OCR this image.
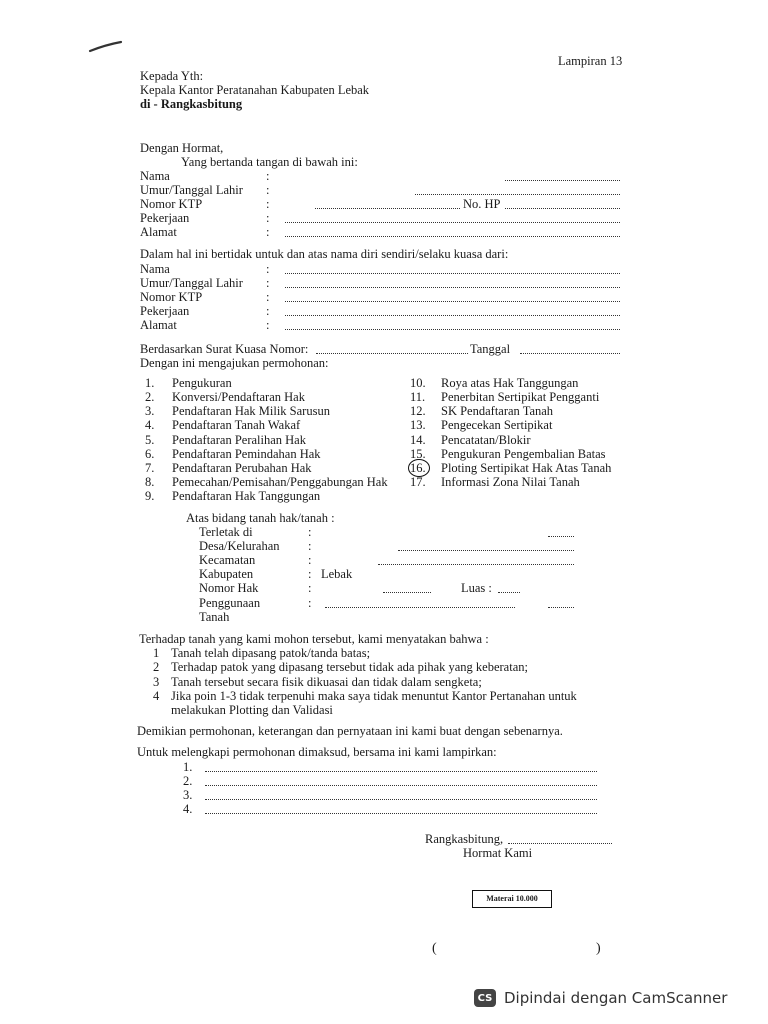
Lampiran 13
Kepada Yth:
Kepala Kantor Peratanahan Kabupaten Lebak
di - Rangkasbitung
Dengan Hormat,
Yang bertanda tangan di bawah ini:
Nama
Umur/Tanggal Lahir
Nomor KTP
Pekerjaan
Alamat
:
:
:
:
:
No. HP
Dalam hal ini bertidak untuk dan atas nama diri sendiri/selaku kuasa dari:
Nama
Umur/Tanggal Lahir
Nomor KTP
Pekerjaan
Alamat
:
:
:
:
:
Berdasarkan Surat Kuasa Nomor:	Tanggal
Dengan ini mengajukan permohonan:
1. Pengukuran
2. Konversi/Pendaftaran Hak
3. Pendaftaran Hak Milik Sarusun
4. Pendaftaran Tanah Wakaf
5. Pendaftaran Peralihan Hak
6. Pendaftaran Pemindahan Hak
7. Pendaftaran Perubahan Hak
8. Pemecahan/Pemisahan/Penggabungan Hak
9. Pendaftaran Hak Tanggungan
10. Roya atas Hak Tanggungan
11. Penerbitan Sertipikat Pengganti
12. SK Pendaftaran Tanah
13. Pengecekan Sertipikat
14. Pencatatan/Blokir
15. Pengukuran Pengembalian Batas
16. Ploting Sertipikat Hak Atas Tanah
17. Informasi Zona Nilai Tanah
Atas bidang tanah hak/tanah :
Terletak di
Desa/Kelurahan
Kecamatan
Kabupaten
Nomor Hak
Penggunaan
Tanah
:
:
:
:
:
:
Lebak
Luas :
Terhadap tanah yang kami mohon tersebut, kami menyatakan bahwa :
1 Tanah telah dipasang patok/tanda batas;
2 Terhadap patok yang dipasang tersebut tidak ada pihak yang keberatan;
3 Tanah tersebut secara fisik dikuasai dan tidak dalam sengketa;
4 Jika poin 1-3 tidak terpenuhi maka saya tidak menuntut Kantor Pertanahan untuk
melakukan Plotting dan Validasi
Demikian permohonan, keterangan dan pernyataan ini kami buat dengan sebenarnya.
Untuk melengkapi permohonan dimaksud, bersama ini kami lampirkan:
1.
2.
3.
4.
Rangkasbitung,
Hormat Kami
Materai 10.000
(	)
CS Dipindai dengan CamScanner
